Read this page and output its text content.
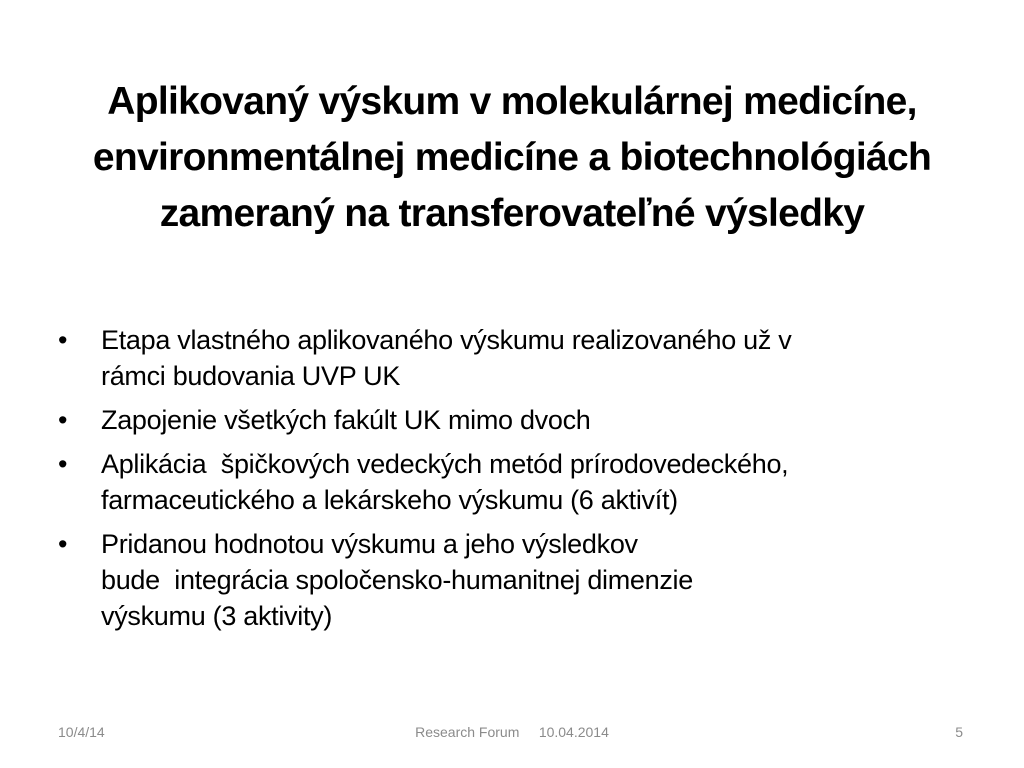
Aplikovaný výskum v molekulárnej medicíne,
environmentálnej medicíne a biotechnológiách
zameraný na transferovateľné výsledky
•	Etapa vlastného aplikovaného výskumu realizovaného už v
rámci budovania UVP UK
•	Zapojenie všetkých fakúlt UK mimo dvoch
•	Aplikácia  špičkových vedeckých metód prírodovedeckého,
farmaceutického a lekárskeho výskumu (6 aktivít)
•	Pridanou hodnotou výskumu a jeho výsledkov
bude  integrácia spoločensko-humanitnej dimenzie
výskumu (3 aktivity)
10/4/14	Research Forum     10.04.2014	5
